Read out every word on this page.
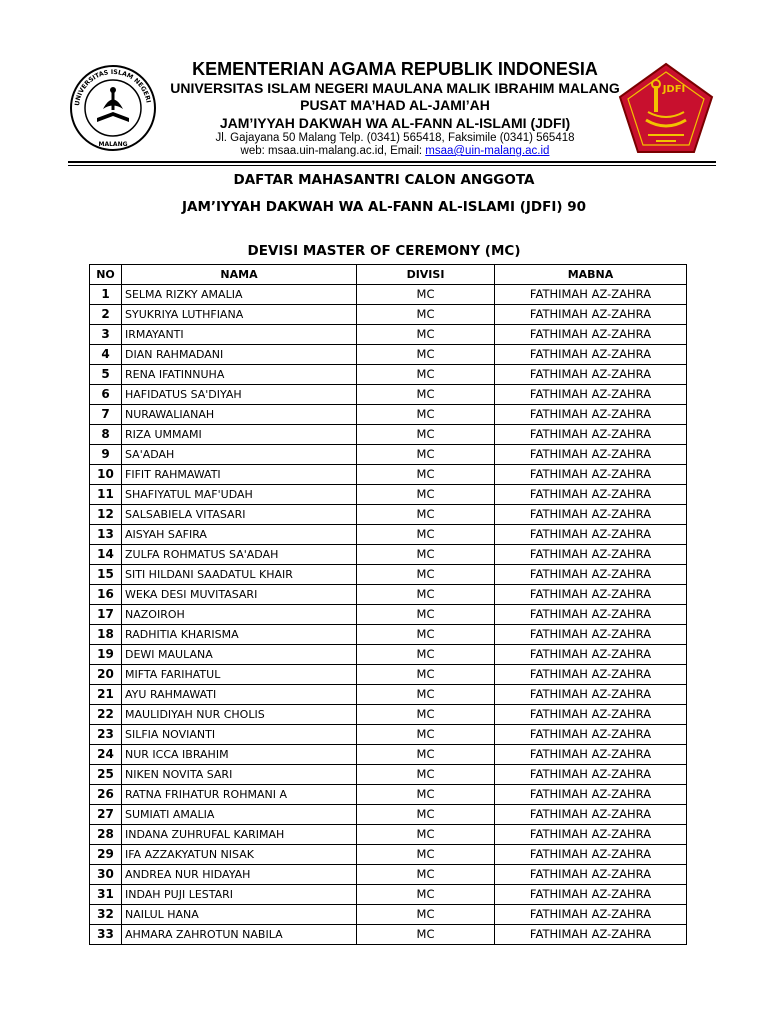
UNIVERSITAS ISLAM NEGERI
MALANG
KEMENTERIAN AGAMA REPUBLIK INDONESIA
UNIVERSITAS ISLAM NEGERI MAULANA MALIK IBRAHIM MALANG
PUSAT MA’HAD AL-JAMI’AH
JAM’IYYAH DAKWAH WA AL-FANN AL-ISLAMI (JDFI)
Jl. Gajayana 50 Malang Telp. (0341) 565418, Faksimile (0341) 565418
web: msaa.uin-malang.ac.id, Email: msaa@uin-malang.ac.id
JDFI
DAFTAR MAHASANTRI CALON ANGGOTA
JAM’IYYAH DAKWAH WA AL-FANN AL-ISLAMI (JDFI) 90
DEVISI MASTER OF CEREMONY (MC)
NO	NAMA	DIVISI	MABNA
1	SELMA RIZKY AMALIA	MC	FATHIMAH AZ-ZAHRA
2	SYUKRIYA LUTHFIANA	MC	FATHIMAH AZ-ZAHRA
3	IRMAYANTI	MC	FATHIMAH AZ-ZAHRA
4	DIAN RAHMADANI	MC	FATHIMAH AZ-ZAHRA
5	RENA IFATINNUHA	MC	FATHIMAH AZ-ZAHRA
6	HAFIDATUS SA'DIYAH	MC	FATHIMAH AZ-ZAHRA
7	NURAWALIANAH	MC	FATHIMAH AZ-ZAHRA
8	RIZA UMMAMI	MC	FATHIMAH AZ-ZAHRA
9	SA'ADAH	MC	FATHIMAH AZ-ZAHRA
10	FIFIT RAHMAWATI	MC	FATHIMAH AZ-ZAHRA
11	SHAFIYATUL MAF'UDAH	MC	FATHIMAH AZ-ZAHRA
12	SALSABIELA VITASARI	MC	FATHIMAH AZ-ZAHRA
13	AISYAH SAFIRA	MC	FATHIMAH AZ-ZAHRA
14	ZULFA ROHMATUS SA'ADAH	MC	FATHIMAH AZ-ZAHRA
15	SITI HILDANI SAADATUL KHAIR	MC	FATHIMAH AZ-ZAHRA
16	WEKA DESI MUVITASARI	MC	FATHIMAH AZ-ZAHRA
17	NAZOIROH	MC	FATHIMAH AZ-ZAHRA
18	RADHITIA KHARISMA	MC	FATHIMAH AZ-ZAHRA
19	DEWI MAULANA	MC	FATHIMAH AZ-ZAHRA
20	MIFTA FARIHATUL	MC	FATHIMAH AZ-ZAHRA
21	AYU RAHMAWATI	MC	FATHIMAH AZ-ZAHRA
22	MAULIDIYAH NUR CHOLIS	MC	FATHIMAH AZ-ZAHRA
23	SILFIA NOVIANTI	MC	FATHIMAH AZ-ZAHRA
24	NUR ICCA IBRAHIM	MC	FATHIMAH AZ-ZAHRA
25	NIKEN NOVITA SARI	MC	FATHIMAH AZ-ZAHRA
26	RATNA FRIHATUR ROHMANI A	MC	FATHIMAH AZ-ZAHRA
27	SUMIATI AMALIA	MC	FATHIMAH AZ-ZAHRA
28	INDANA ZUHRUFAL KARIMAH	MC	FATHIMAH AZ-ZAHRA
29	IFA AZZAKYATUN NISAK	MC	FATHIMAH AZ-ZAHRA
30	ANDREA NUR HIDAYAH	MC	FATHIMAH AZ-ZAHRA
31	INDAH PUJI LESTARI	MC	FATHIMAH AZ-ZAHRA
32	NAILUL HANA	MC	FATHIMAH AZ-ZAHRA
33	AHMARA ZAHROTUN NABILA	MC	FATHIMAH AZ-ZAHRA
